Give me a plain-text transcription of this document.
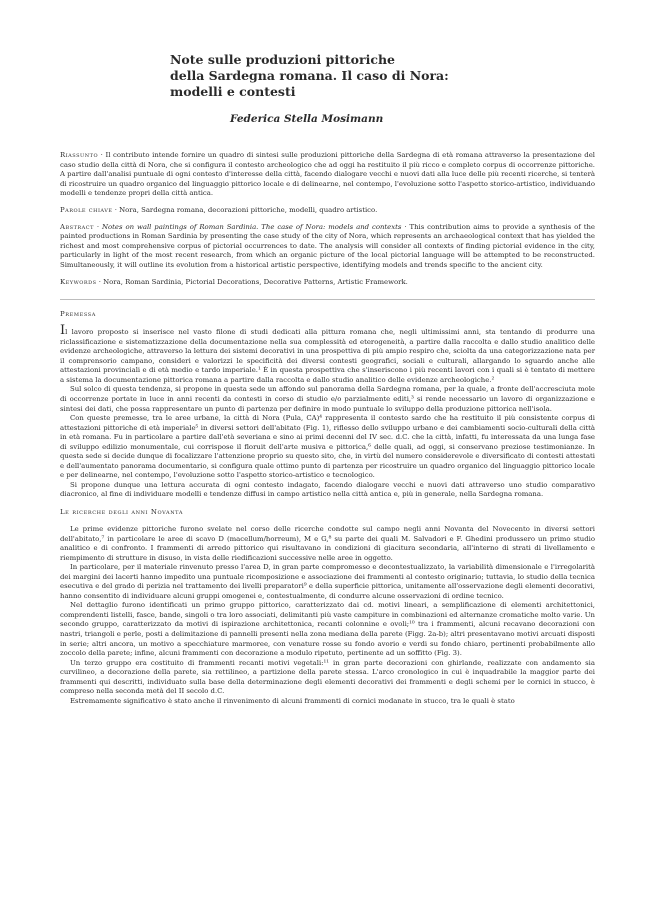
Note sulle produzioni pittoriche
della Sardegna romana. Il caso di Nora:
modelli e contesti
Federica Stella Mosimann

Riassunto · Il contributo intende fornire un quadro di sintesi sulle produzioni pittoriche della Sardegna di età romana attraverso la presentazione del caso studio della città di Nora, che si configura il contesto archeologico che ad oggi ha restituito il più ricco e completo corpus di occorrenze pittoriche. A partire dall'analisi puntuale di ogni contesto d'interesse della città, facendo dialogare vecchi e nuovi dati alla luce delle più recenti ricerche, si tenterà di ricostruire un quadro organico del linguaggio pittorico locale e di delinearne, nel contempo, l'evoluzione sotto l'aspetto storico-artistico, individuando modelli e tendenze propri della città antica.

Parole chiave · Nora, Sardegna romana, decorazioni pittoriche, modelli, quadro artistico.

Abstract · Notes on wall paintings of Roman Sardinia. The case of Nora: models and contexts · This contribution aims to provide a synthesis of the painted productions in Roman Sardinia by presenting the case study of the city of Nora, which represents an archaeological context that has yielded the richest and most comprehensive corpus of pictorial occurrences to date. The analysis will consider all contexts of finding pictorial evidence in the city, particularly in light of the most recent research, from which an organic picture of the local pictorial language will be attempted to be reconstructed. Simultaneously, it will outline its evolution from a historical artistic perspective, identifying models and trends specific to the ancient city.

Keywords · Nora, Roman Sardinia, Pictorial Decorations, Decorative Patterns, Artistic Framework.

Premessa

Il lavoro proposto si inserisce nel vasto filone di studi dedicati alla pittura romana che, negli ultimissimi anni, sta tentando di produrre una riclassificazione e sistematizzazione della documentazione nella sua complessità ed eterogeneità, a partire dalla raccolta e dallo studio analitico delle evidenze archeologiche, attraverso la lettura dei sistemi decorativi in una prospettiva di più ampio respiro che, sciolta da una categorizzazione nata per il comprensorio campano, consideri e valorizzi le specificità dei diversi contesti geografici, sociali e culturali, allargando lo sguardo anche alle attestazioni provinciali e di età medio e tardo imperiale.¹ È in questa prospettiva che s'inseriscono i più recenti lavori con i quali si è tentato di mettere a sistema la documentazione pittorica romana a partire dalla raccolta e dallo studio analitico delle evidenze archeologiche.²

Sul solco di questa tendenza, si propone in questa sede un affondo sul panorama della Sardegna romana, per la quale, a fronte dell'accresciuta mole di occorrenze portate in luce in anni recenti da contesti in corso di studio e/o parzialmente editi,³ si rende necessario un lavoro di organizzazione e sintesi dei dati, che possa rappresentare un punto di partenza per definire in modo puntuale lo sviluppo della produzione pittorica nell'isola.

Con queste premesse, tra le aree urbane, la città di Nora (Pula, CA)⁴ rappresenta il contesto sardo che ha restituito il più consistente corpus di attestazioni pittoriche di età imperiale⁵ in diversi settori dell'abitato (Fig. 1), riflesso dello sviluppo urbano e dei cambiamenti socio-culturali della città in età romana. Fu in particolare a partire dall'età severiana e sino ai primi decenni del IV sec. d.C. che la città, infatti, fu interessata da una lunga fase di sviluppo edilizio monumentale, cui corrispose il floruit dell'arte musiva e pittorica,⁶ delle quali, ad oggi, si conservano preziose testimonianze. In questa sede si decide dunque di focalizzare l'attenzione proprio su questo sito, che, in virtù del numero considerevole e diversificato di contesti attestati e dell'aumentato panorama documentario, si configura quale ottimo punto di partenza per ricostruire un quadro organico del linguaggio pittorico locale e per delinearne, nel contempo, l'evoluzione sotto l'aspetto storico-artistico e tecnologico.

Si propone dunque una lettura accurata di ogni contesto indagato, facendo dialogare vecchi e nuovi dati attraverso uno studio comparativo diacronico, al fine di individuare modelli e tendenze diffusi in campo artistico nella città antica e, più in generale, nella Sardegna romana.

Le ricerche degli anni Novanta

Le prime evidenze pittoriche furono svelate nel corso delle ricerche condotte sul campo negli anni Novanta del Novecento in diversi settori dell'abitato,⁷ in particolare le aree di scavo D (macellum/horreum), M e G,⁸ su parte dei quali M. Salvadori e F. Ghedini produssero un primo studio analitico e di confronto. I frammenti di arredo pittorico qui risultavano in condizioni di giacitura secondaria, all'interno di strati di livellamento e riempimento di strutture in disuso, in vista delle riedificazioni successive nelle aree in oggetto.

In particolare, per il materiale rinvenuto presso l'area D, in gran parte compromesso e decontestualizzato, la variabilità dimensionale e l'irregolarità dei margini dei lacerti hanno impedito una puntuale ricomposizione e associazione dei frammenti al contesto originario; tuttavia, lo studio della tecnica esecutiva e del grado di perizia nel trattamento dei livelli preparatori⁹ e della superficie pittorica, unitamente all'osservazione degli elementi decorativi, hanno consentito di individuare alcuni gruppi omogenei e, contestualmente, di condurre alcune osservazioni di ordine tecnico.

Nel dettaglio furono identificati un primo gruppo pittorico, caratterizzato dai cd. motivi lineari, a semplificazione di elementi architettonici, comprendenti listelli, fasce, bande, singoli o tra loro associati, delimitanti più vaste campiture in combinazioni ed alternanze cromatiche molto varie. Un secondo gruppo, caratterizzato da motivi di ispirazione architettonica, recanti colonnine e ovoli;¹⁰ tra i frammenti, alcuni recavano decorazioni con nastri, triangoli e perle, posti a delimitazione di pannelli presenti nella zona mediana della parete (Figg. 2a-b); altri presentavano motivi arcuati disposti in serie; altri ancora, un motivo a specchiature marmoree, con venature rosse su fondo avorio e verdi su fondo chiaro, pertinenti probabilmente allo zoccolo della parete; infine, alcuni frammenti con decorazione a modulo ripetuto, pertinente ad un soffitto (Fig. 3).

Un terzo gruppo era costituito di frammenti recanti motivi vegetali:¹¹ in gran parte decorazioni con ghirlande, realizzate con andamento sia curvilineo, a decorazione della parete, sia rettilineo, a partizione della parete stessa. L'arco cronologico in cui è inquadrabile la maggior parte dei frammenti qui descritti, individuato sulla base della determinazione degli elementi decorativi dei frammenti e degli schemi per le cornici in stucco, è compreso nella seconda metà del II secolo d.C.

Estremamente significativo è stato anche il rinvenimento di alcuni frammenti di cornici modanate in stucco, tra le quali è stato
